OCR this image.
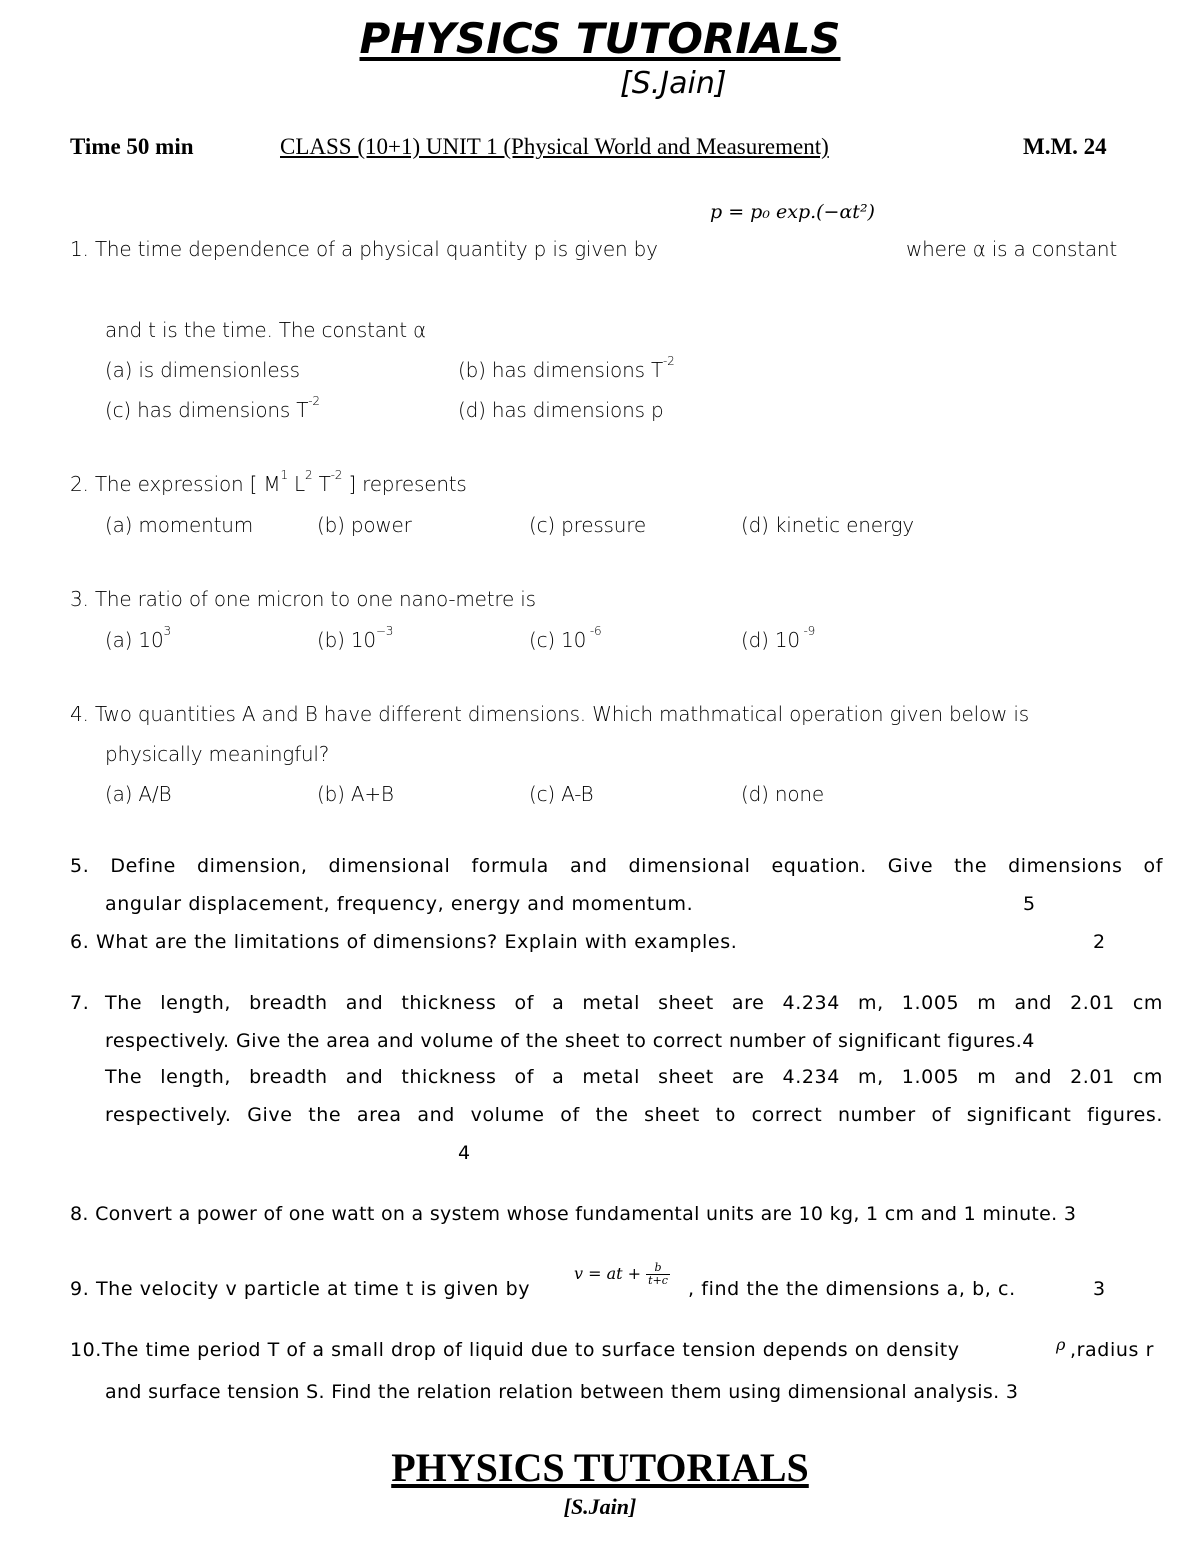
PHYSICS TUTORIALS
[S.Jain]
Time 50 min	CLASS (10+1) UNIT 1 (Physical World and Measurement)	M.M. 24
p = p₀ exp.(−αt²)
1. The time dependence of a physical quantity p is given by	where α is a constant
and t is the time. The constant α
(a) is dimensionless	(b) has dimensions $T^{-2}$
(c) has dimensions $T^{-2}$	(d) has dimensions p
2. The expression [ $M^1$ $L^2$ $T^{-2}$ ] represents
(a) momentum	(b) power	(c) pressure	(d) kinetic energy
3. The ratio of one micron to one nano-metre is
(a) $10^3$	(b) $10^{-3}$	(c) 10 $^{-6}$	(d) 10 $^{-9}$
4. Two quantities A and B have different dimensions. Which mathmatical operation given below is
physically meaningful?
(a) A/B	(b) A+B	(c) A-B	(d) none
5. Define dimension, dimensional formula and dimensional equation. Give the dimensions of
angular displacement, frequency, energy and momentum.	5
6. What are the limitations of dimensions? Explain with examples.	2
7. The length, breadth and thickness of a metal sheet are 4.234 m, 1.005 m and 2.01 cm
respectively. Give the area and volume of the sheet to correct number of significant figures.4
The length, breadth and thickness of a metal sheet are 4.234 m, 1.005 m and 2.01 cm
respectively. Give the area and volume of the sheet to correct number of significant figures.
4
8. Convert a power of one watt on a system whose fundamental units are 10 kg, 1 cm and 1 minute. 3
9. The velocity v particle at time t is given by
v = at + $\frac{b}{t+c}$
, find the the dimensions a, b, c.	3
10.The time period T of a small drop of liquid due to surface tension depends on density	ρ ,radius r
and surface tension S. Find the relation relation between them using dimensional analysis. 3
PHYSICS TUTORIALS
[S.Jain]
